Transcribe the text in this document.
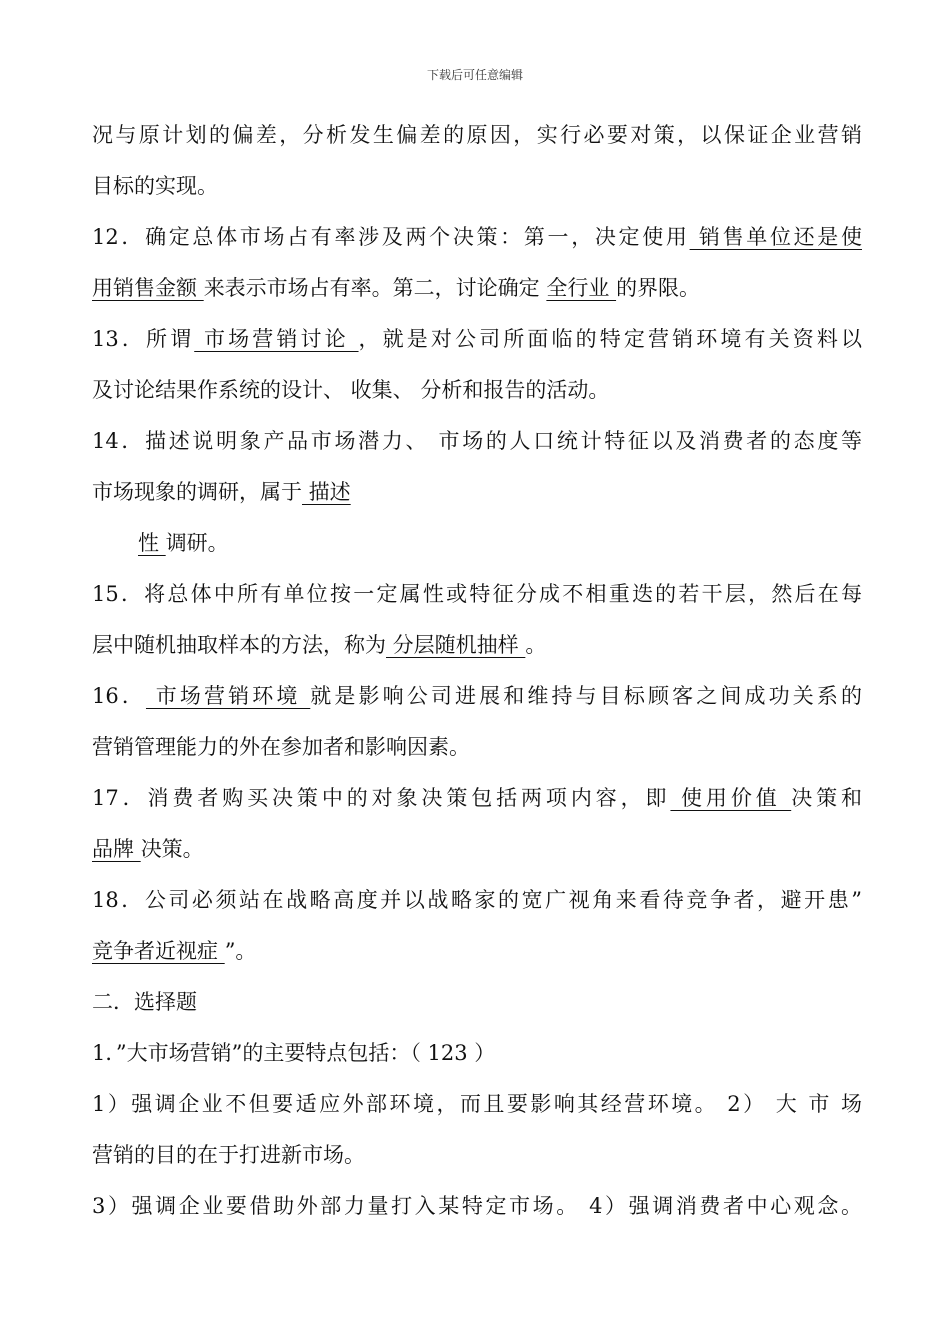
下载后可任意编辑
况与原计划的偏差，分析发生偏差的原因，实行必要对策，以保证企业营销
目标的实现。
12．确定总体市场占有率涉及两个决策：第一，决定使用 销售单位还是使
用销售金额 来表示市场占有率。第二，讨论确定 全行业 的界限。
13．所谓 市场营销讨论 ，就是对公司所面临的特定营销环境有关资料以
及讨论结果作系统的设计、 收集、 分析和报告的活动。
14．描述说明象产品市场潜力、 市场的人口统计特征以及消费者的态度等
市场现象的调研，属于 描述
性 调研。
15．将总体中所有单位按一定属性或特征分成不相重迭的若干层，然后在每
层中随机抽取样本的方法，称为 分层随机抽样 。
16． 市场营销环境 就是影响公司进展和维持与目标顾客之间成功关系的
营销管理能力的外在参加者和影响因素。
17．消费者购买决策中的对象决策包括两项内容，即 使用价值 决策和
品牌 决策。
18．公司必须站在战略高度并以战略家的宽广视角来看待竞争者，避开患”
竞争者近视症 ”。
二．选择题
1．”大市场营销”的主要特点包括：（ 123 ）
1）强调企业不但要适应外部环境，而且要影响其经营环境。 2） 大 市 场
营销的目的在于打进新市场。
3）强调企业要借助外部力量打入某特定市场。 4）强调消费者中心观念。
